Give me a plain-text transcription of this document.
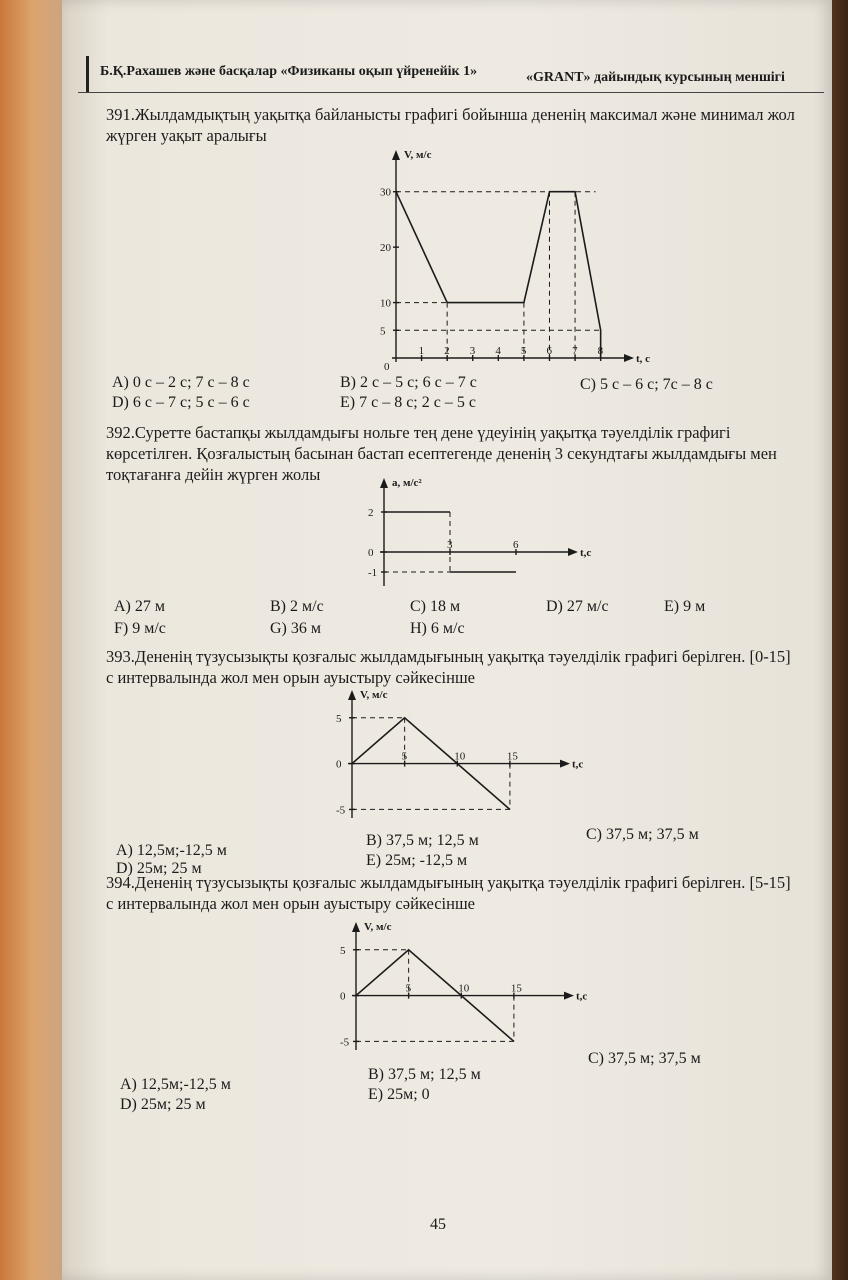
Б.Қ.Рахашев және басқалар «Физиканы оқып үйренейік 1»	«GRANT» дайындық курсының меншігі
391.Жылдамдықтың уақытқа байланысты графигі бойынша дененің максимал және минимал жол жүрген уақыт аралығы
V, м/с
t, с
1 2 3 4 5 6 7 8
5
10
20
30
0
A) 0 с – 2 с; 7 с – 8 с	B) 2 с – 5 с; 6 с – 7 с	C) 5 с – 6 с; 7с – 8 с
D) 6 с – 7 с; 5 с – 6 с	E) 7 с – 8 с; 2 с – 5 с
392.Суретте бастапқы жылдамдығы нольге тең дене үдеуінің уақытқа тәуелділік графигі көрсетілген. Қозғалыстың басынан бастап есептегенде дененің 3 секундтағы жылдамдығы мен тоқтағанға дейін жүрген жолы	a, м/с²
t,с
3	6
2
0
-1
A) 27 м	B) 2 м/с	C) 18 м	D) 27 м/с	E) 9 м
F) 9 м/с	G) 36 м	H) 6 м/с
393.Дененің түзусызықты қозғалыс жылдамдығының уақытқа тәуелділік графигі берілген. [0-15] с интервалында жол мен орын ауыстыру сәйкесінше
V, м/с
t,с
5	10	15
5
0
-5
A) 12,5м;-12,5 м
D) 25м; 25 м
B) 37,5 м; 12,5 м
E) 25м; -12,5 м
C) 37,5 м; 37,5 м
394.Дененің түзусызықты қозғалыс жылдамдығының уақытқа тәуелділік графигі берілген. [5-15] с интервалында жол мен орын ауыстыру сәйкесінше
V, м/с
t,с
5	10	15
5
0
-5
A) 12,5м;-12,5 м
D) 25м; 25 м
B) 37,5 м; 12,5 м
E) 25м; 0
C) 37,5 м; 37,5 м
45
